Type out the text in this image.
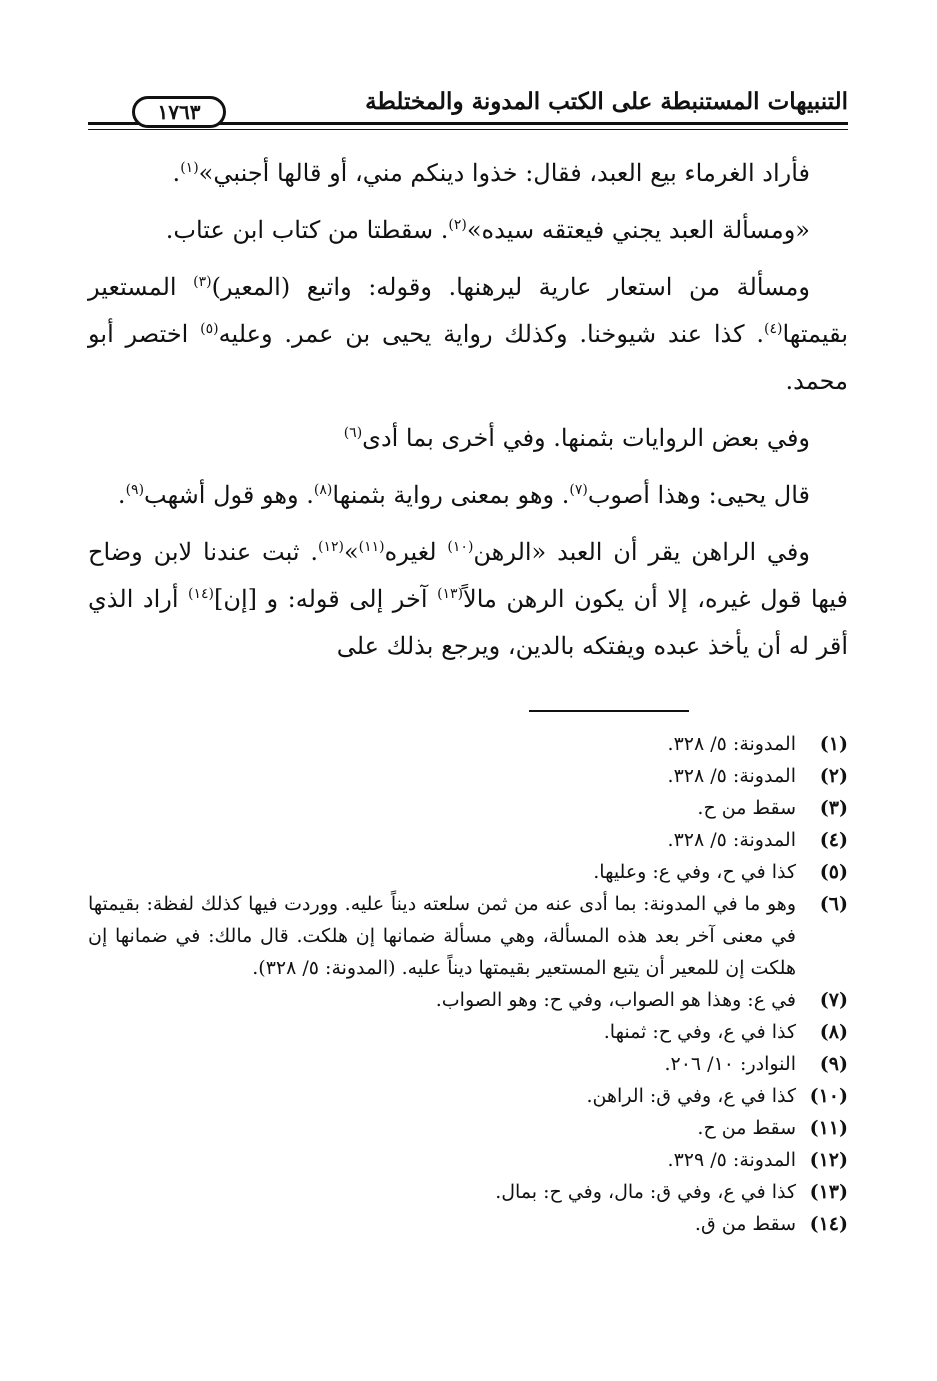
التنبيهات المستنبطة على الكتب المدونة والمختلطة
١٧٦٣

فأراد الغرماء بيع العبد، فقال: خذوا دينكم مني، أو قالها أجنبي»$^{(١)}$.

«ومسألة العبد يجني فيعتقه سيده»$^{(٢)}$. سقطتا من كتاب ابن عتاب.

ومسألة من استعار عارية ليرهنها. وقوله: واتبع (المعير)$^{(٣)}$ المستعير بقيمتها$^{(٤)}$. كذا عند شيوخنا. وكذلك رواية يحيى بن عمر. وعليه$^{(٥)}$ اختصر أبو محمد.

وفي بعض الروايات بثمنها. وفي أخرى بما أدى$^{(٦)}$

قال يحيى: وهذا أصوب$^{(٧)}$. وهو بمعنى رواية بثمنها$^{(٨)}$. وهو قول أشهب$^{(٩)}$.

وفي الراهن يقر أن العبد «الرهن$^{(١٠)}$ لغيره$^{(١١)}$»$^{(١٢)}$. ثبت عندنا لابن وضاح فيها قول غيره، إلا أن يكون الرهن مالاً$^{(١٣)}$ آخر إلى قوله: و [إن]$^{(١٤)}$ أراد الذي أقر له أن يأخذ عبده ويفتكه بالدين، ويرجع بذلك على

(١)
المدونة: ٥/ ٣٢٨.
(٢)
المدونة: ٥/ ٣٢٨.
(٣)
سقط من ح.
(٤)
المدونة: ٥/ ٣٢٨.
(٥)
كذا في ح، وفي ع: وعليها.
(٦)
وهو ما في المدونة: بما أدى عنه من ثمن سلعته ديناً عليه. ووردت فيها كذلك لفظة: بقيمتها في معنى آخر بعد هذه المسألة، وهي مسألة ضمانها إن هلكت. قال مالك: في ضمانها إن هلكت إن للمعير أن يتبع المستعير بقيمتها ديناً عليه. (المدونة: ٥/ ٣٢٨).
(٧)
في ع: وهذا هو الصواب، وفي ح: وهو الصواب.
(٨)
كذا في ع، وفي ح: ثمنها.
(٩)
النوادر: ١٠/ ٢٠٦.
(١٠)
كذا في ع، وفي ق: الراهن.
(١١)
سقط من ح.
(١٢)
المدونة: ٥/ ٣٢٩.
(١٣)
كذا في ع، وفي ق: مال، وفي ح: بمال.
(١٤)
سقط من ق.
